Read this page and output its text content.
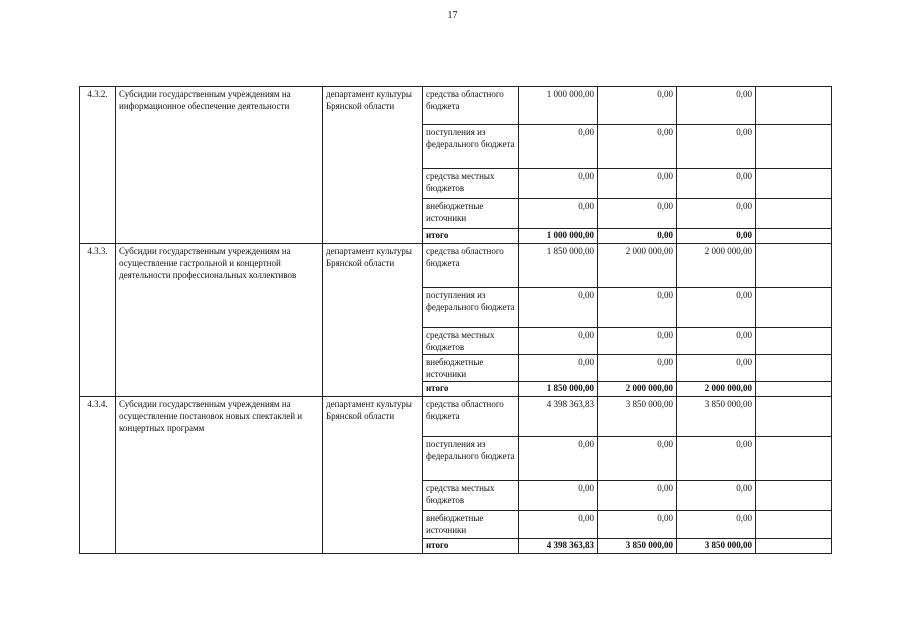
17
4.3.2.	Субсидии государственным учреждениям на информационное обеспечение деятельности	департамент культуры Брянской области	средства областного бюджета	1 000 000,00	0,00	0,00	
			поступления из федерального бюджета	0,00	0,00	0,00	
			средства местных бюджетов	0,00	0,00	0,00	
			внебюджетные источники	0,00	0,00	0,00	
			итого	1 000 000,00	0,00	0,00	
4.3.3.	Субсидии государственным учреждениям на осуществление гастрольной и концертной деятельности профессиональных коллективов	департамент культуры Брянской области	средства областного бюджета	1 850 000,00	2 000 000,00	2 000 000,00	
			поступления из федерального бюджета	0,00	0,00	0,00	
			средства местных бюджетов	0,00	0,00	0,00	
			внебюджетные источники	0,00	0,00	0,00	
			итого	1 850 000,00	2 000 000,00	2 000 000,00	
4.3.4.	Субсидии государственным учреждениям на осуществление постановок новых спектаклей и концертных программ	департамент культуры Брянской области	средства областного бюджета	4 398 363,83	3 850 000,00	3 850 000,00	
			поступления из федерального бюджета	0,00	0,00	0,00	
			средства местных бюджетов	0,00	0,00	0,00	
			внебюджетные источники	0,00	0,00	0,00	
			итого	4 398 363,83	3 850 000,00	3 850 000,00	
